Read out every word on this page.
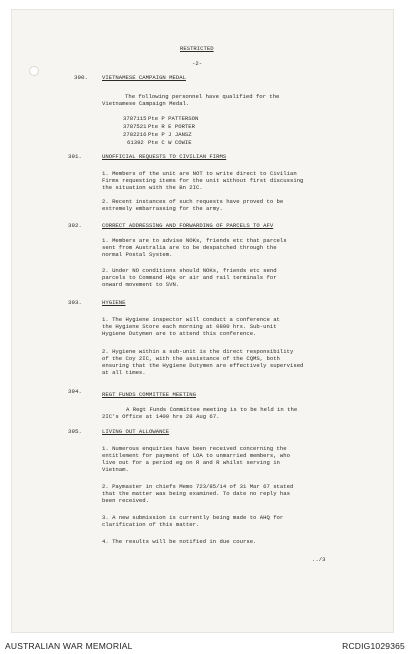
RESTRICTED
-2-
390.	VIETNAMESE CAMPAIGN MEDAL
The following personnel have qualified for the
Vietnamese Campaign Medal.
3787115 Pte P PATTERSON
3787521 Pte R E PORTER
2782216 Pte P J JANSZ
61392 Pte C W COWIE
391.	UNOFFICIAL REQUESTS TO CIVILIAN FIRMS
1. Members of the unit are NOT to write direct to Civilian
Firms requesting items for the unit without first discussing
the situation with the Bn 2IC.
2. Recent instances of such requests have proved to be
extremely embarrassing for the army.
392.	CORRECT ADDRESSING AND FORWARDING OF PARCELS TO AFV
1. Members are to advise NOKs, friends etc that parcels
sent from Australia are to be despatched through the
normal Postal System.
2. Under NO conditions should NOKs, friends etc send
parcels to Command HQs or air and rail terminals for
onward movement to SVN.
393.	HYGIENE
1. The Hygiene inspector will conduct a conference at
the Hygiene Store each morning at 0800 hrs. Sub-unit
Hygiene Dutymen are to attend this conference.
2. Hygiene within a sub-unit is the direct responsibility
of the Coy 2IC, with the assistance of the CQMS, both
ensuring that the Hygiene Dutymen are effectively supervised
at all times.
394.	REGT FUNDS COMMITTEE MEETING
A Regt Funds Committee meeting is to be held in the
2IC's Office at 1400 hrs 28 Aug 67.
395.	LIVING OUT ALLOWANCE
1. Numerous enquiries have been received concerning the
entitlement for payment of LOA to unmarried members, who
live out for a period eg on R and R whilst serving in
Vietnam.
2. Paymaster in chiefs Memo 723/85/14 of 31 Mar 67 stated
that the matter was being examined. To date no reply has
been received.
3. A new submission is currently being made to AHQ for
clarification of this matter.
4. The results will be notified in due course.
../3
AUSTRALIAN WAR MEMORIAL	RCDIG1029365
